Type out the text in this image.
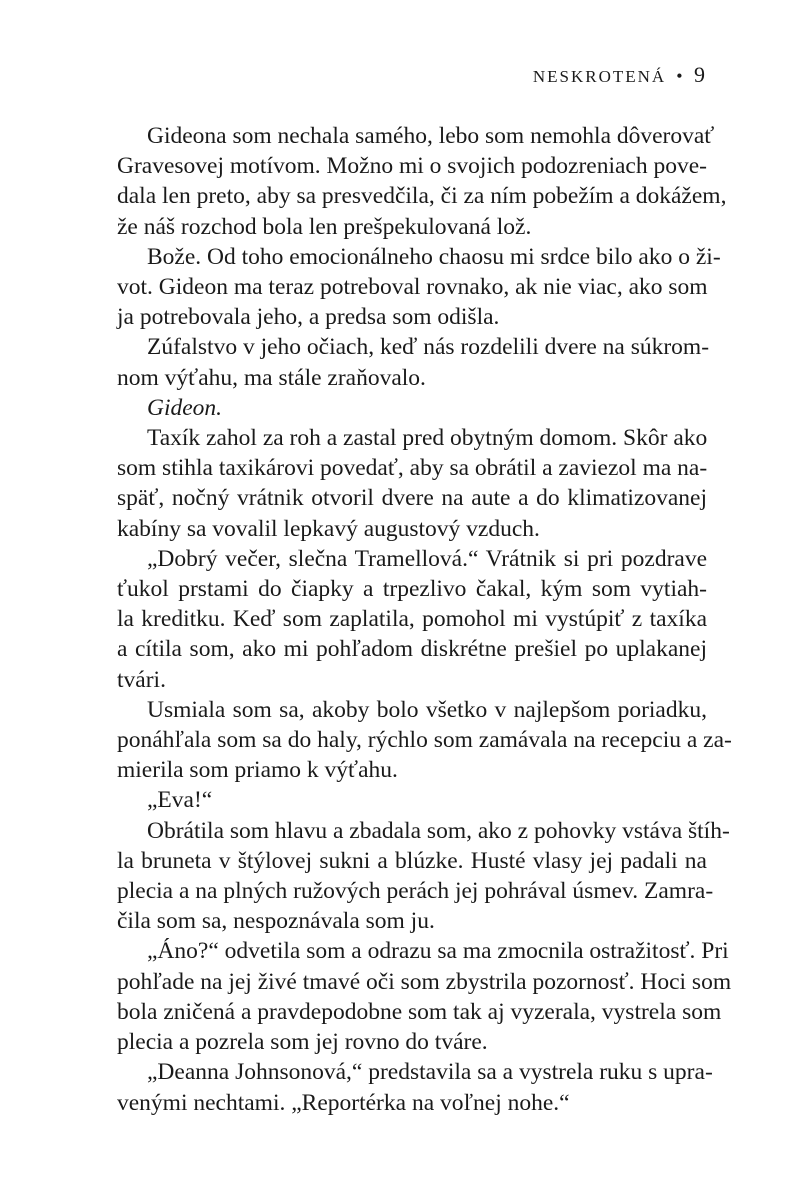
NESKROTENÁ • 9
Gideona som nechala samého, lebo som nemohla dôverovať
Gravesovej motívom. Možno mi o svojich podozreniach pove-
dala len preto, aby sa presvedčila, či za ním pobežím a dokážem,
že náš rozchod bola len prešpekulovaná lož.
Bože. Od toho emocionálneho chaosu mi srdce bilo ako o ži-
vot. Gideon ma teraz potreboval rovnako, ak nie viac, ako som
ja potrebovala jeho, a predsa som odišla.
Zúfalstvo v jeho očiach, keď nás rozdelili dvere na súkrom-
nom výťahu, ma stále zraňovalo.
Gideon.
Taxík zahol za roh a zastal pred obytným domom. Skôr ako
som stihla taxikárovi povedať, aby sa obrátil a zaviezol ma na-
späť, nočný vrátnik otvoril dvere na aute a do klimatizovanej
kabíny sa vovalil lepkavý augustový vzduch.
„Dobrý večer, slečna Tramellová.“ Vrátnik si pri pozdrave
ťukol prstami do čiapky a trpezlivo čakal, kým som vytiah-
la kreditku. Keď som zaplatila, pomohol mi vystúpiť z taxíka
a cítila som, ako mi pohľadom diskrétne prešiel po uplakanej
tvári.
Usmiala som sa, akoby bolo všetko v najlepšom poriadku,
ponáhľala som sa do haly, rýchlo som zamávala na recepciu a za-
mierila som priamo k výťahu.
„Eva!“
Obrátila som hlavu a zbadala som, ako z pohovky vstáva štíh-
la bruneta v štýlovej sukni a blúzke. Husté vlasy jej padali na
plecia a na plných ružových perách jej pohrával úsmev. Zamra-
čila som sa, nespoznávala som ju.
„Áno?“ odvetila som a odrazu sa ma zmocnila ostražitosť. Pri
pohľade na jej živé tmavé oči som zbystrila pozornosť. Hoci som
bola zničená a pravdepodobne som tak aj vyzerala, vystrela som
plecia a pozrela som jej rovno do tváre.
„Deanna Johnsonová,“ predstavila sa a vystrela ruku s upra-
venými nechtami. „Reportérka na voľnej nohe.“
